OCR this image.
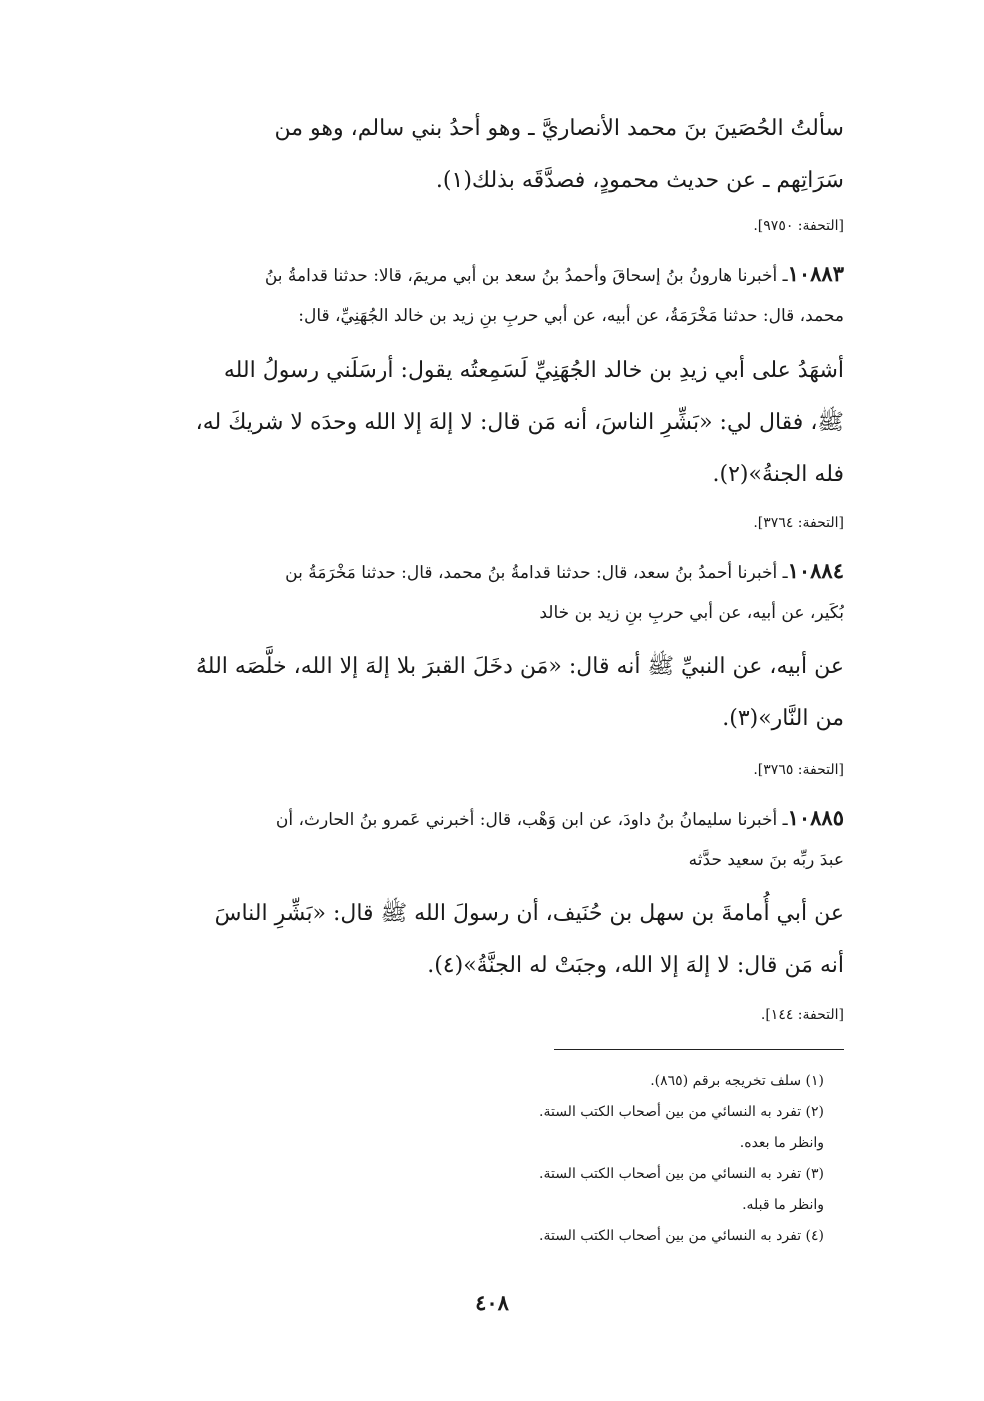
سألتُ الحُصَينَ بنَ محمد الأنصاريَّ ـ وهو أحدُ بني سالم، وهو من
سَرَاتِهم ـ عن حديث محمودٍ، فصدَّقَه بذلك(١).
[التحفة: ٩٧٥٠].
١٠٨٨٣ـ أخبرنا هارونُ بنُ إسحاقَ وأحمدُ بنُ سعد بن أبي مريمَ، قالا: حدثنا قدامةُ بنُ
محمد، قال: حدثنا مَخْرَمَةُ، عن أبيه، عن أبي حربِ بنِ زيد بن خالد الجُهَنِيِّ، قال:
أشهَدُ على أبي زيدِ بن خالد الجُهَنِيِّ لَسَمِعتُه يقول: أرسَلَني رسولُ الله
ﷺ، فقال لي: «بَشِّرِ الناسَ، أنه مَن قال: لا إلهَ إلا الله وحدَه لا شريكَ له،
فله الجنةُ»(٢).
[التحفة: ٣٧٦٤].
١٠٨٨٤ـ أخبرنا أحمدُ بنُ سعد، قال: حدثنا قدامةُ بنُ محمد، قال: حدثنا مَخْرَمَةُ بن
بُكَير، عن أبيه، عن أبي حربِ بنِ زيد بن خالد
عن أبيه، عن النبيِّ ﷺ أنه قال: «مَن دخَلَ القبرَ بلا إلهَ إلا الله، خلَّصَه اللهُ
من النَّار»(٣).
[التحفة: ٣٧٦٥].
١٠٨٨٥ـ أخبرنا سليمانُ بنُ داودَ، عن ابن وَهْب، قال: أخبرني عَمرو بنُ الحارث، أن
عبدَ ربِّه بنَ سعيد حدَّثه
عن أبي أُمامةَ بن سهل بن حُنَيف، أن رسولَ الله ﷺ قال: «بَشِّرِ الناسَ
أنه مَن قال: لا إلهَ إلا الله، وجبَتْ له الجنَّةُ»(٤).
[التحفة: ١٤٤].
(١) سلف تخريجه برقم (٨٦٥).
(٢) تفرد به النسائي من بين أصحاب الكتب الستة.
وانظر ما بعده.
(٣) تفرد به النسائي من بين أصحاب الكتب الستة.
وانظر ما قبله.
(٤) تفرد به النسائي من بين أصحاب الكتب الستة.
٤٠٨
